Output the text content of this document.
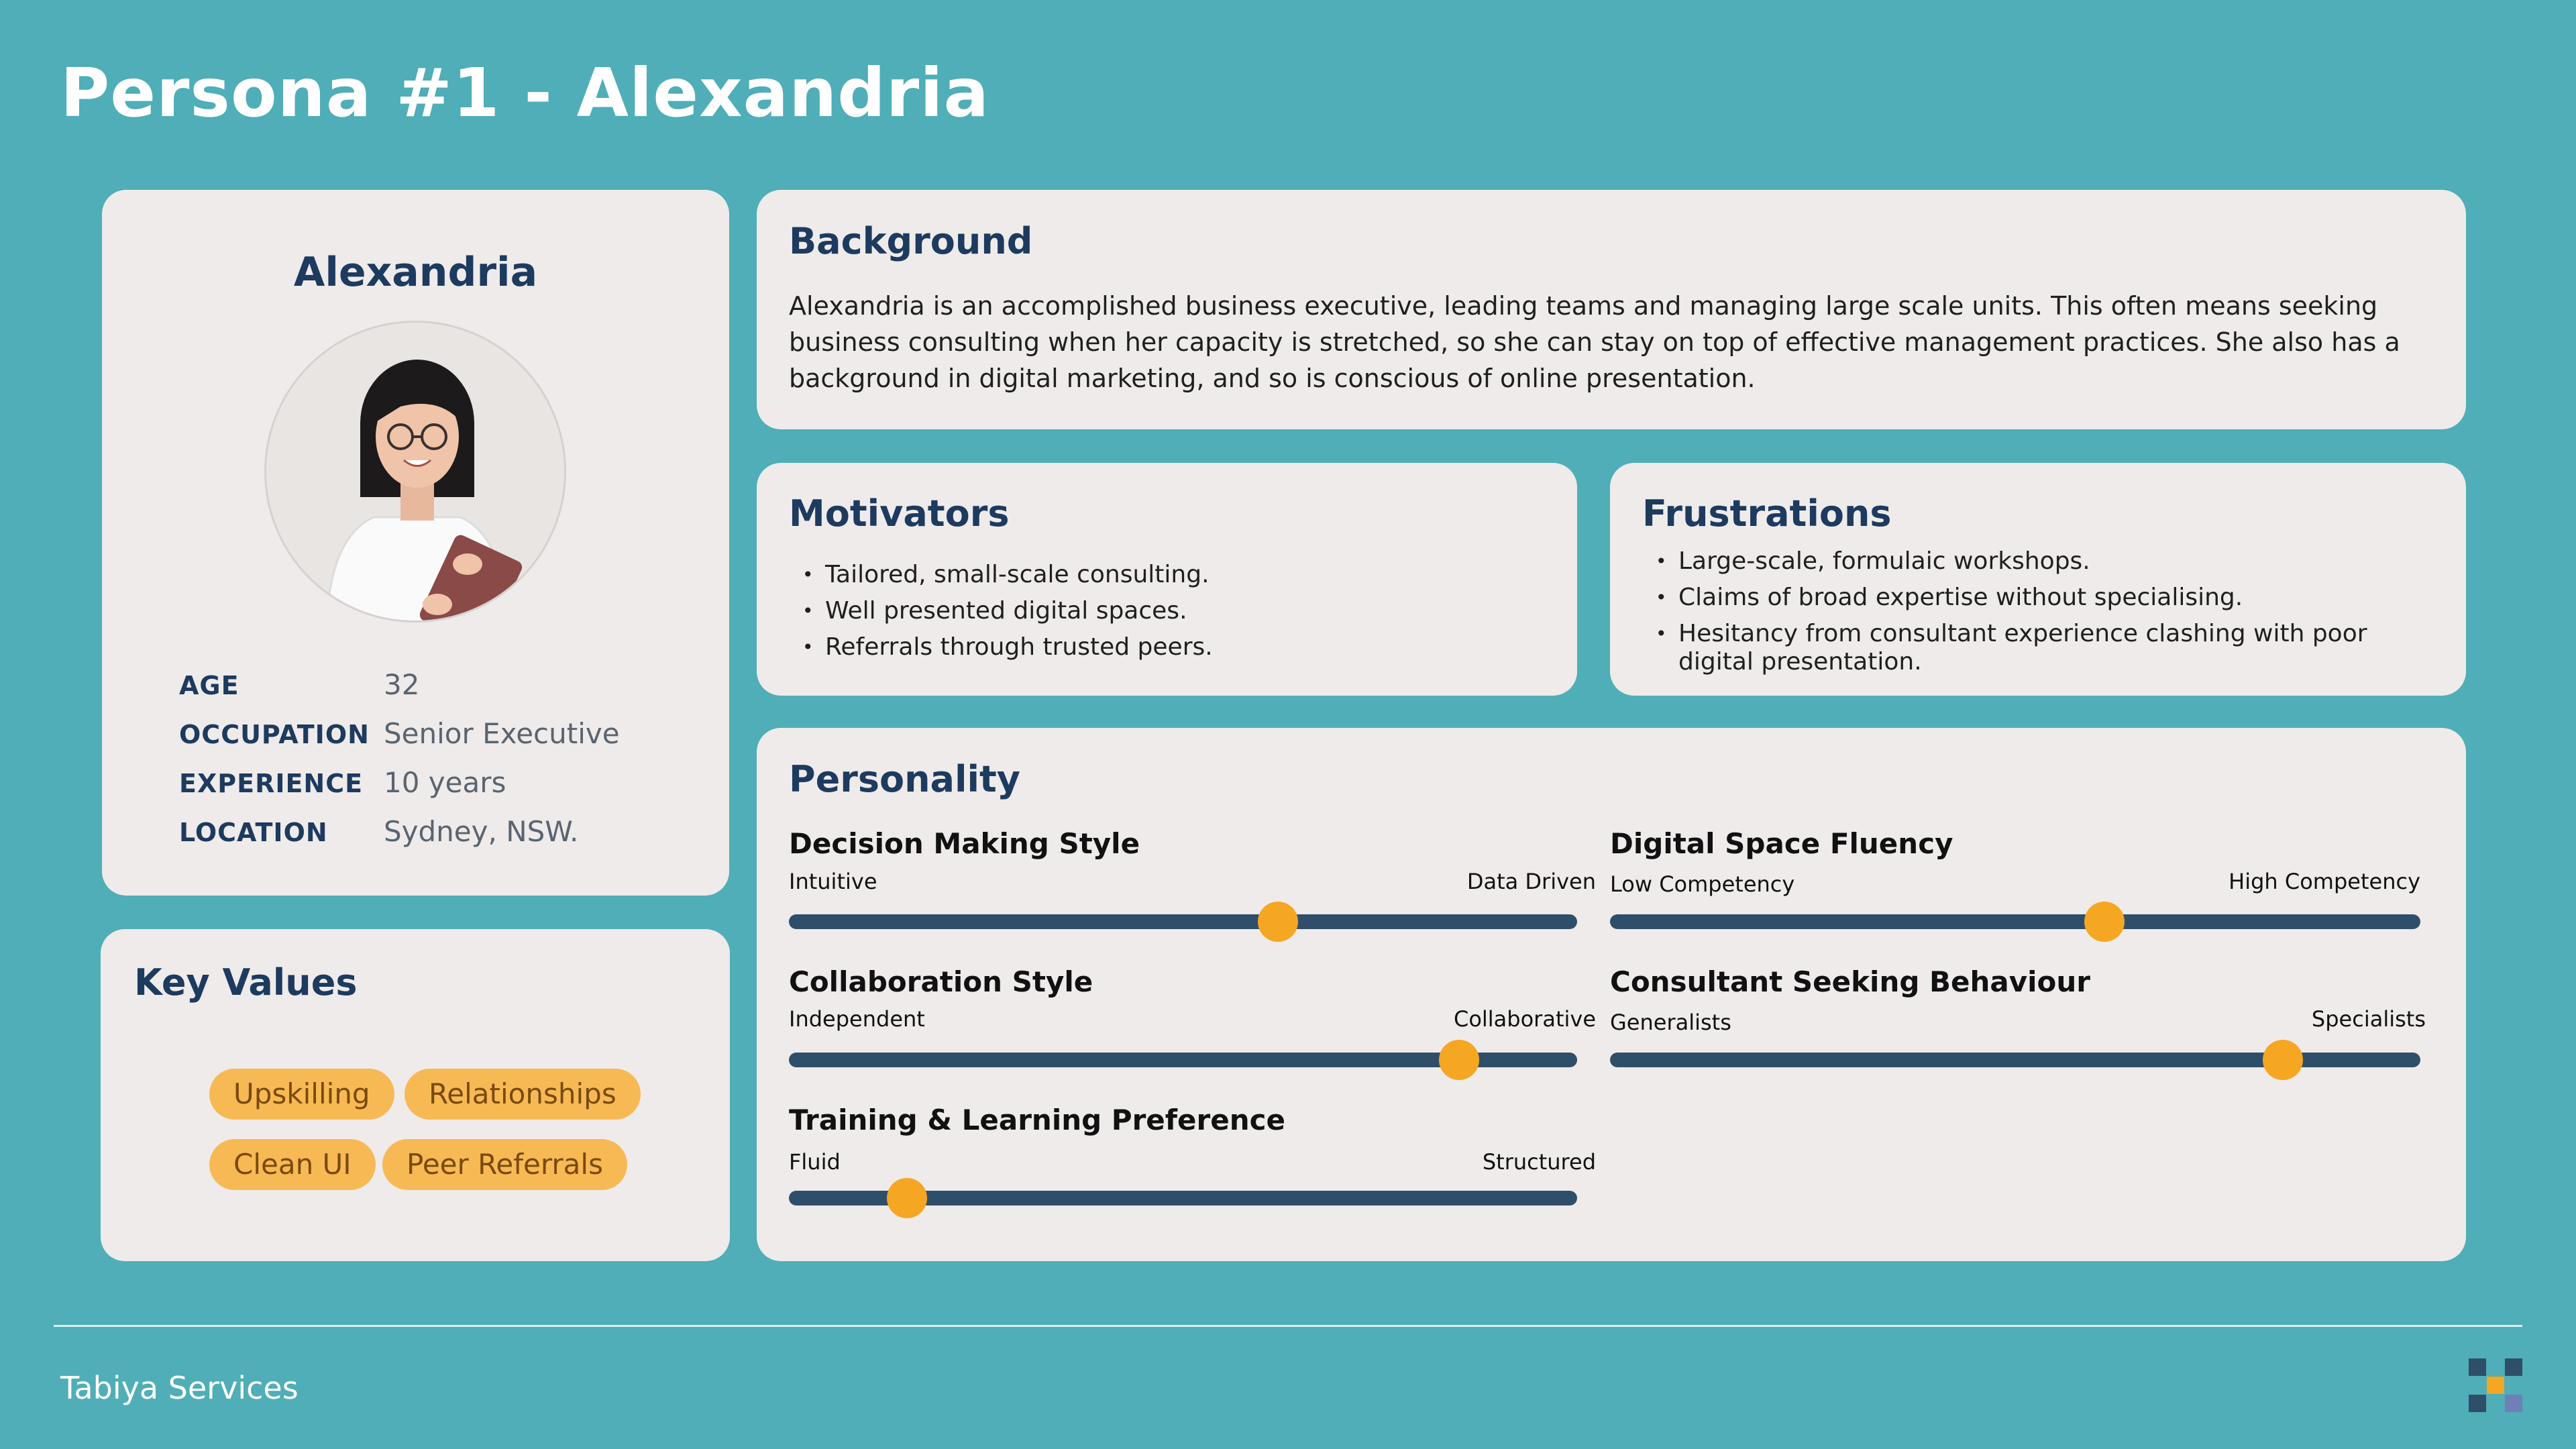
Persona #1 - Alexandria
Alexandria
AGE	32
OCCUPATION Senior Executive
EXPERIENCE 10 years
LOCATION Sydney, NSW.
Key Values
Upskilling	Relationships
Clean UI	Peer Referrals
Background
Alexandria is an accomplished business executive, leading teams and managing large scale units. This often means seeking business consulting when her capacity is stretched, so she can stay on top of effective management practices. She also has a background in digital marketing, and so is conscious of online presentation.
Motivators
• Tailored, small-scale consulting.
• Well presented digital spaces.
• Referrals through trusted peers.
Frustrations
• Large-scale, formulaic workshops.
• Claims of broad expertise without specialising.
• Hesitancy from consultant experience clashing with poor digital presentation.
Personality
Decision Making Style
Intuitive	Data Driven
Digital Space Fluency
Low Competency	High Competency
Collaboration Style
Independent	Collaborative
Consultant Seeking Behaviour
Generalists	Specialists
Training & Learning Preference
Fluid	Structured
Tabiya Services
